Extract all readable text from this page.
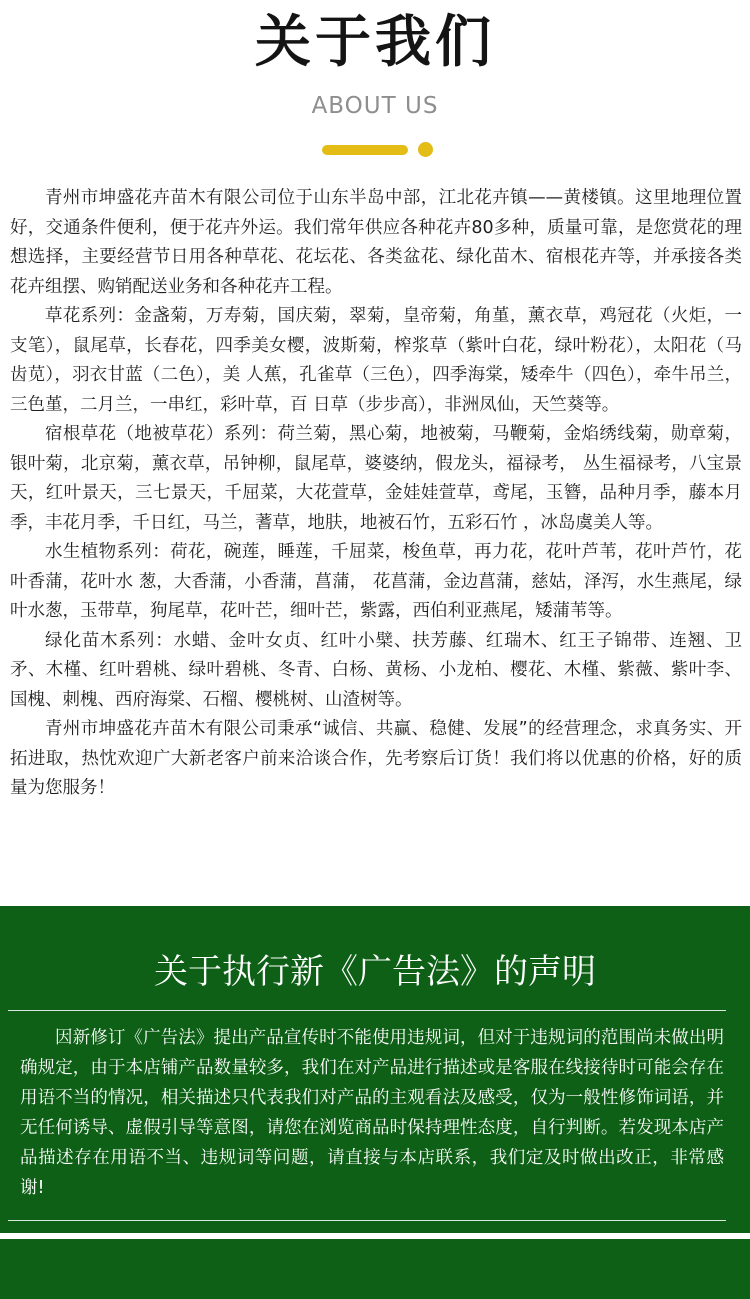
关于我们
ABOUT US

青州市坤盛花卉苗木有限公司位于山东半岛中部，江北花卉镇——黄楼镇。这里地理位置好，交通条件便利，便于花卉外运。我们常年供应各种花卉80多种，质量可靠，是您赏花的理想选择，主要经营节日用各种草花、花坛花、各类盆花、绿化苗木、宿根花卉等，并承接各类花卉组摆、购销配送业务和各种花卉工程。

草花系列：金盏菊，万寿菊，国庆菊，翠菊，皇帝菊，角堇，薰衣草，鸡冠花（火炬，一支笔），鼠尾草，长春花，四季美女樱，波斯菊，榨浆草（紫叶白花，绿叶粉花），太阳花（马齿苋），羽衣甘蓝（二色），美 人蕉，孔雀草（三色），四季海棠，矮牵牛（四色），牵牛吊兰，三色堇，二月兰，一串红，彩叶草，百 日草（步步高），非洲凤仙，天竺葵等。

宿根草花（地被草花）系列：荷兰菊，黑心菊，地被菊，马鞭菊，金焰绣线菊，勋章菊，银叶菊，北京菊，薰衣草，吊钟柳，鼠尾草，婆婆纳，假龙头，福禄考， 丛生福禄考，八宝景天，红叶景天，三七景天，千屈菜，大花萱草，金娃娃萱草，鸢尾，玉簪，品种月季，藤本月季，丰花月季，千日红，马兰，蓍草，地肤，地被石竹，五彩石竹 ，冰岛虞美人等。

水生植物系列：荷花，碗莲，睡莲，千屈菜，梭鱼草，再力花，花叶芦苇，花叶芦竹，花叶香蒲，花叶水 葱，大香蒲，小香蒲，菖蒲， 花菖蒲，金边菖蒲，慈姑，泽泻，水生燕尾，绿叶水葱，玉带草，狗尾草，花叶芒，细叶芒，紫露，西伯利亚燕尾，矮蒲苇等。

绿化苗木系列：水蜡、金叶女贞、红叶小檗、扶芳藤、红瑞木、红王子锦带、连翘、卫矛、木槿、红叶碧桃、绿叶碧桃、冬青、白杨、黄杨、小龙柏、樱花、木槿、紫薇、紫叶李、国槐、刺槐、西府海棠、石榴、樱桃树、山渣树等。

青州市坤盛花卉苗木有限公司秉承“诚信、共赢、稳健、发展”的经营理念，求真务实、开拓进取，热忱欢迎广大新老客户前来洽谈合作，先考察后订货！我们将以优惠的价格，好的质量为您服务！

关于执行新《广告法》的声明

因新修订《广告法》提出产品宣传时不能使用违规词，但对于违规词的范围尚未做出明确规定，由于本店铺产品数量较多，我们在对产品进行描述或是客服在线接待时可能会存在用语不当的情况，相关描述只代表我们对产品的主观看法及感受，仅为一般性修饰词语，并无任何诱导、虚假引导等意图，请您在浏览商品时保持理性态度，自行判断。若发现本店产品描述存在用语不当、违规词等问题，请直接与本店联系，我们定及时做出改正，非常感谢!
